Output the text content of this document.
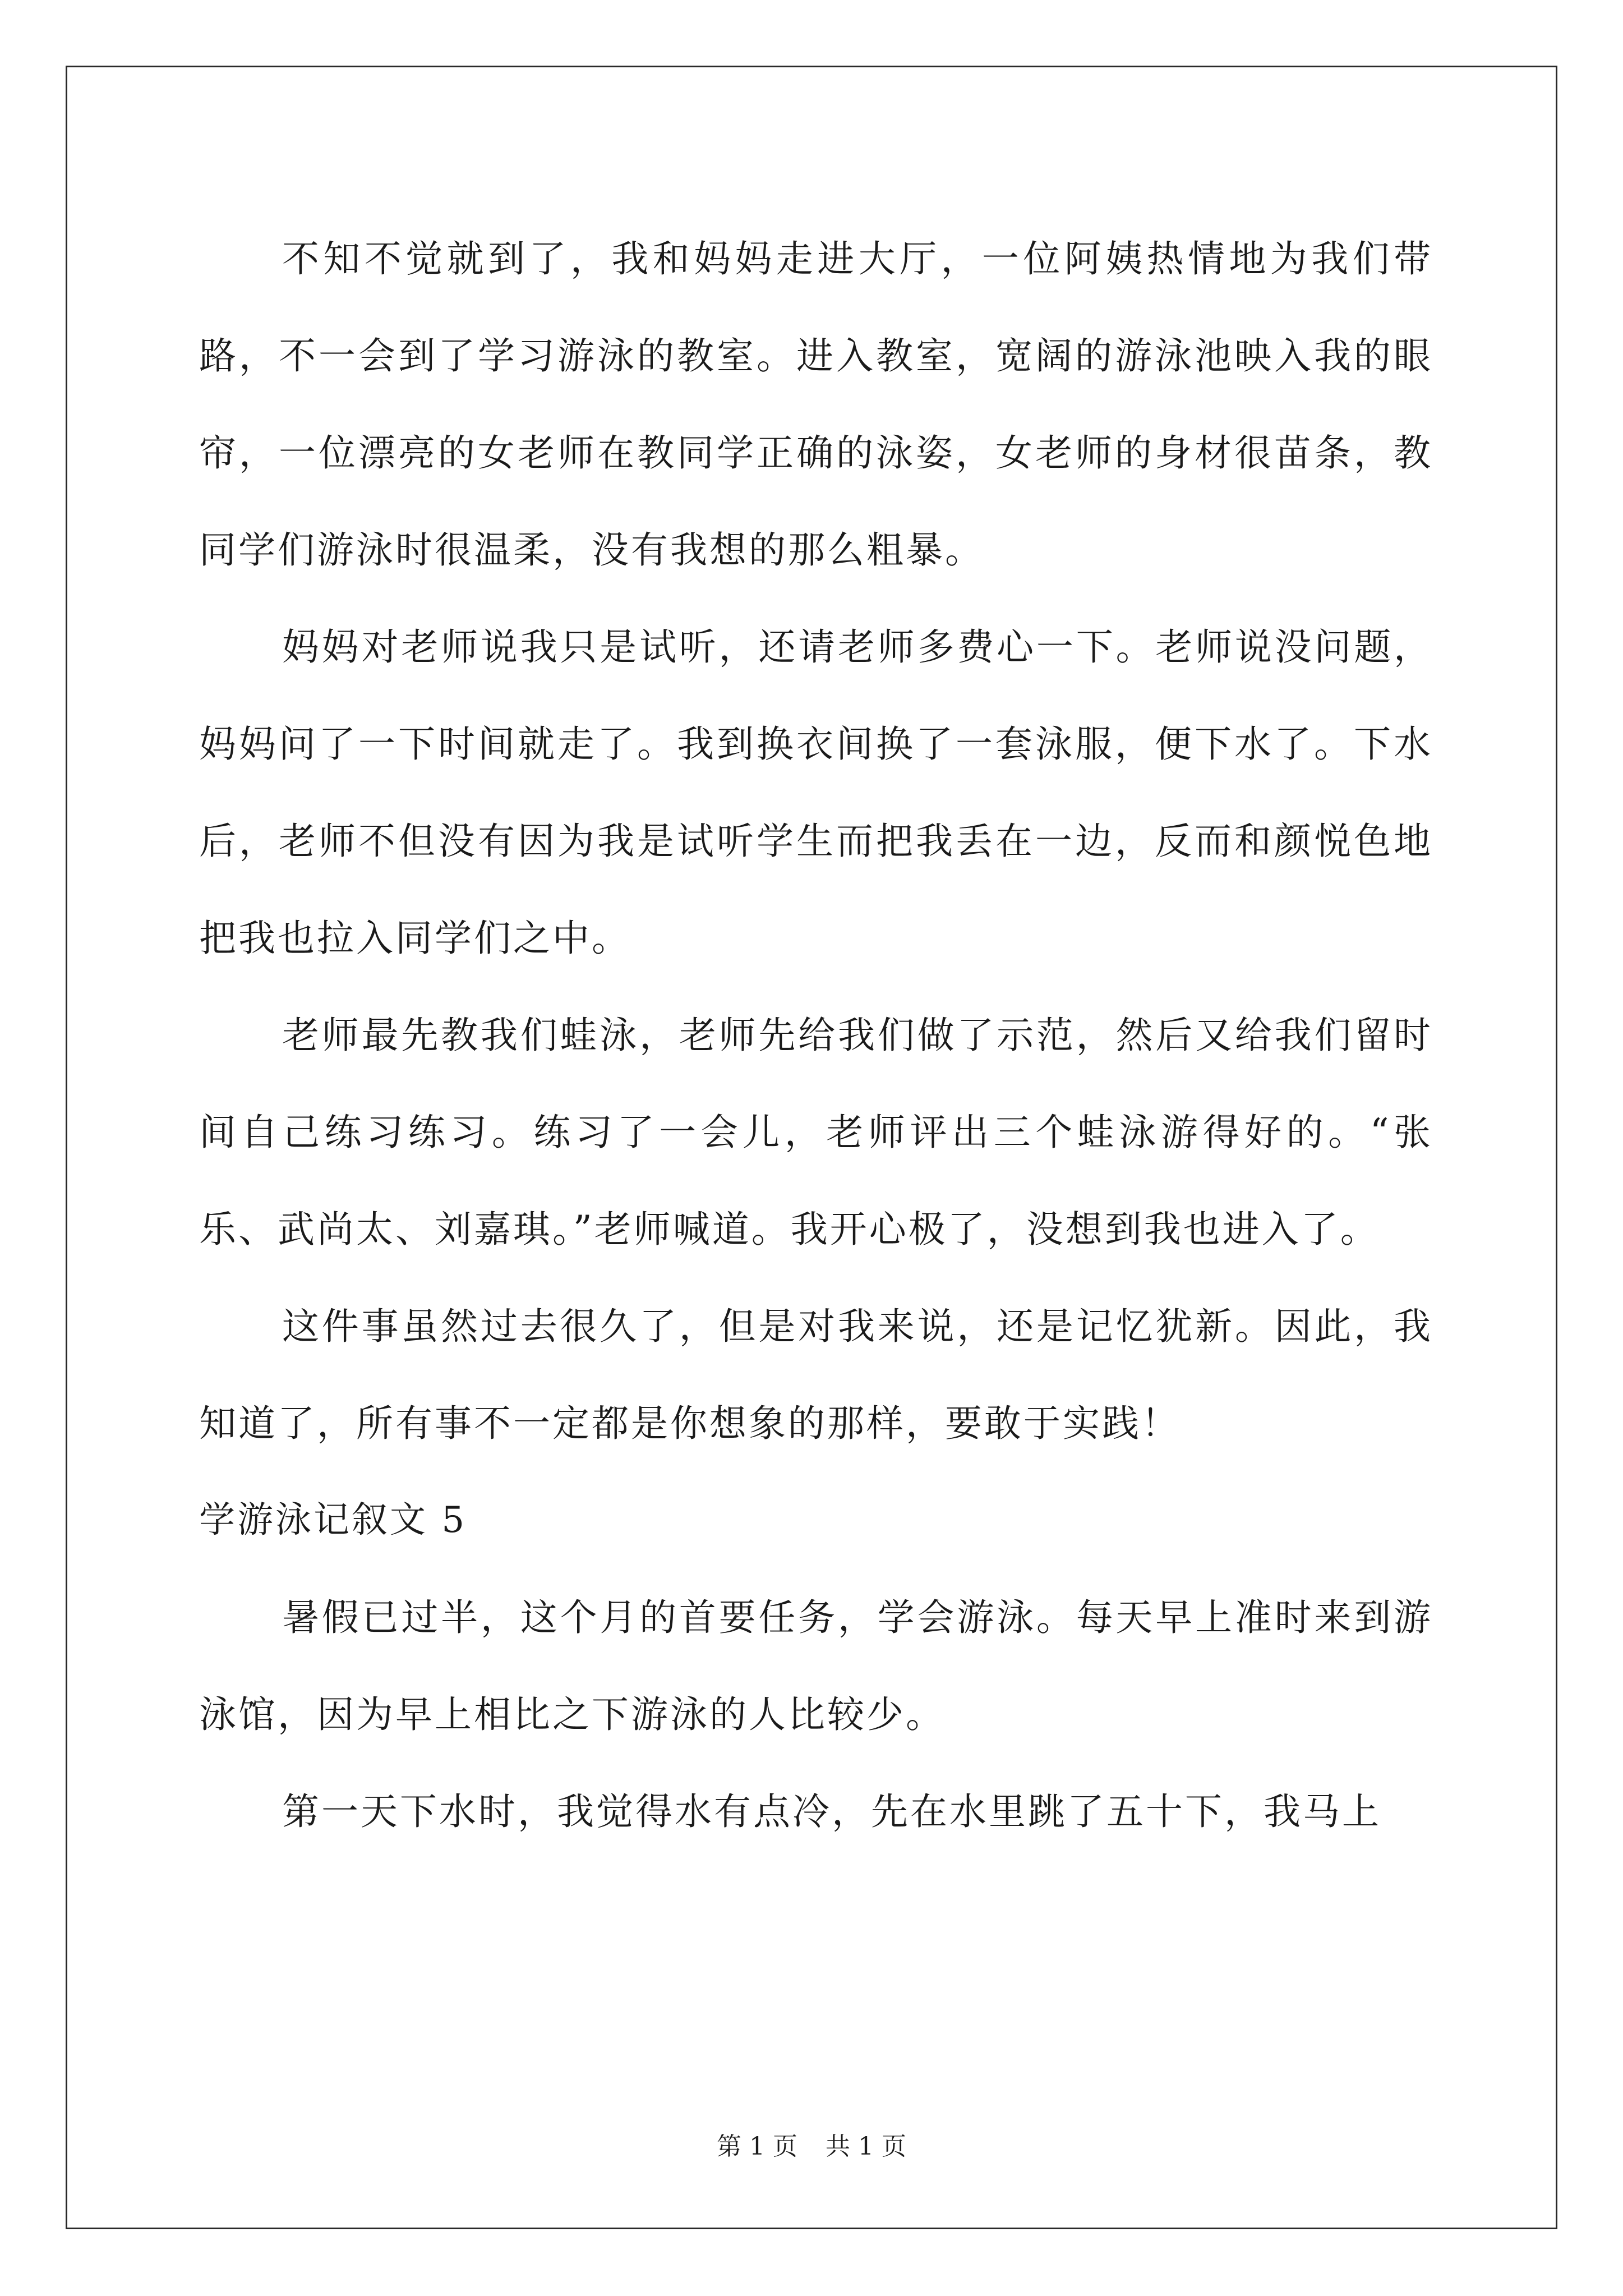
不知不觉就到了，我和妈妈走进大厅，一位阿姨热情地为我们带路，不一会到了学习游泳的教室。进入教室，宽阔的游泳池映入我的眼帘，一位漂亮的女老师在教同学正确的泳姿，女老师的身材很苗条，教同学们游泳时很温柔，没有我想的那么粗暴。

妈妈对老师说我只是试听，还请老师多费心一下。老师说没问题，妈妈问了一下时间就走了。我到换衣间换了一套泳服，便下水了。下水后，老师不但没有因为我是试听学生而把我丢在一边，反而和颜悦色地把我也拉入同学们之中。

老师最先教我们蛙泳，老师先给我们做了示范，然后又给我们留时间自己练习练习。练习了一会儿，老师评出三个蛙泳游得好的。“张乐、武尚太、刘嘉琪。”老师喊道。我开心极了，没想到我也进入了。

这件事虽然过去很久了，但是对我来说，还是记忆犹新。因此，我知道了，所有事不一定都是你想象的那样，要敢于实践！

学游泳记叙文 5

暑假已过半，这个月的首要任务，学会游泳。每天早上准时来到游泳馆，因为早上相比之下游泳的人比较少。

第一天下水时，我觉得水有点冷，先在水里跳了五十下，我马上

第 1 页 共 1 页
